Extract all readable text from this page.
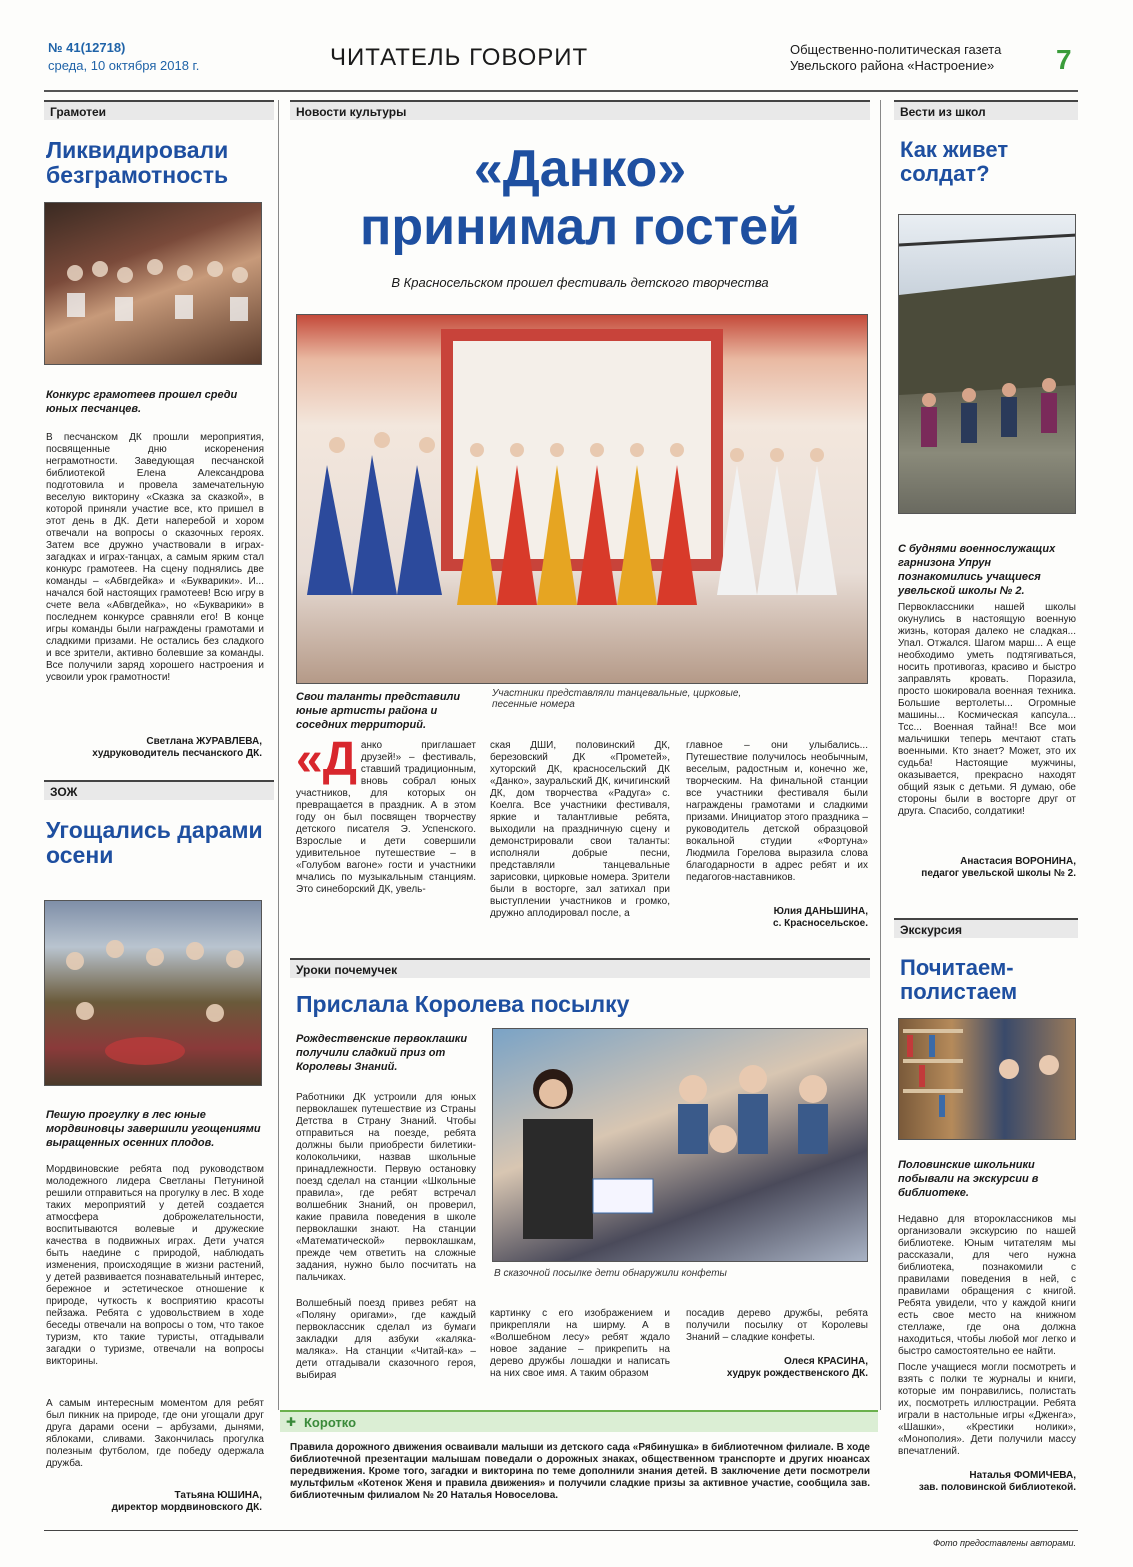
№ 41(12718)
среда, 10 октября 2018 г.	ЧИТАТЕЛЬ ГОВОРИТ	Общественно-политическая газета
Увельского района «Настроение»	7
Грамотеи
Ликвидировали безграмотность
Конкурс грамотеев прошел среди юных песчанцев.
В песчанском ДК прошли мероприятия, посвященные дню искоренения неграмотности. Заведующая песчанской библиотекой Елена Александрова подготовила и провела замечательную веселую викторину «Сказка за сказкой», в которой приняли участие все, кто пришел в этот день в ДК. Дети наперебой и хором отвечали на вопросы о сказочных героях. Затем все дружно участвовали в играх-загадках и играх-танцах, а самым ярким стал конкурс грамотеев. На сцену поднялись две команды – «Абвгдейка» и «Букварики». И... начался бой настоящих грамотеев! Всю игру в счете вела «Абвгдейка», но «Букварики» в последнем конкурсе сравняли его! В конце игры команды были награждены грамотами и сладкими призами. Не остались без сладкого и все зрители, активно болевшие за команды. Все получили заряд хорошего настроения и усвоили урок грамотности!
Светлана ЖУРАВЛЕВА,
худруководитель песчанского ДК.
ЗОЖ
Угощались дарами осени
Пешую прогулку в лес юные мордвиновцы завершили угощениями выращенных осенних плодов.
Мордвиновские ребята под руководством молодежного лидера Светланы Петуниной решили отправиться на прогулку в лес. В ходе таких мероприятий у детей создается атмосфера доброжелательности, воспитываются волевые и дружеские качества в подвижных играх. Дети учатся быть наедине с природой, наблюдать изменения, происходящие в жизни растений, у детей развивается познавательный интерес, бережное и эстетическое отношение к природе, чуткость к восприятию красоты пейзажа. Ребята с удовольствием в ходе беседы отвечали на вопросы о том, что такое туризм, кто такие туристы, отгадывали загадки о туризме, отвечали на вопросы викторины.
А самым интересным моментом для ребят был пикник на природе, где они угощали друг друга дарами осени – арбузами, дынями, яблоками, сливами. Закончилась прогулка полезным футболом, где победу одержала дружба.
Татьяна ЮШИНА,
директор мордвиновского ДК.
Новости культуры
«Данко»
принимал гостей
В Красносельском прошел фестиваль детского творчества
Свои таланты представили юные артисты района и соседних территорий.
Участники представляли танцевальные, цирковые, песенные номера
«Данко приглашает друзей!» – фестиваль, ставший традиционным, вновь собрал юных участников, для которых он превращается в праздник. А в этом году он был посвящен творчеству детского писателя Э. Успенского. Взрослые и дети совершили удивительное путешествие – в «Голубом вагоне» гости и участники мчались по музыкальным станциям. Это синеборский ДК, увель-
ская ДШИ, половинский ДК, березовский ДК «Прометей», хуторский ДК, красносельский ДК «Данко», зауральский ДК, кичигинский ДК, дом творчества «Радуга» с. Коелга. Все участники фестиваля, яркие и талантливые ребята, выходили на праздничную сцену и демонстрировали свои таланты: исполняли добрые песни, представляли танцевальные зарисовки, цирковые номера. Зрители были в восторге, зал затихал при выступлении участников и громко, дружно аплодировал после, а
главное – они улыбались... Путешествие получилось необычным, веселым, радостным и, конечно же, творческим. На финальной станции все участники фестиваля были награждены грамотами и сладкими призами. Инициатор этого праздника – руководитель детской образцовой вокальной студии «Фортуна» Людмила Горелова выразила слова благодарности в адрес ребят и их педагогов-наставников.
Юлия ДАНЬШИНА,
с. Красносельское.
Уроки почемучек
Прислала Королева посылку
Рождественские первоклашки получили сладкий приз от Королевы Знаний.
В сказочной посылке дети обнаружили конфеты
Работники ДК устроили для юных первоклашек путешествие из Страны Детства в Страну Знаний. Чтобы отправиться на поезде, ребята должны были приобрести билетики-колокольчики, назвав школьные принадлежности. Первую остановку поезд сделал на станции «Школьные правила», где ребят встречал волшебник Знаний, он проверил, какие правила поведения в школе первоклашки знают. На станции «Математической» первоклашкам, прежде чем ответить на сложные задания, нужно было посчитать на пальчиках.
Волшебный поезд привез ребят на «Поляну оригами», где каждый первоклассник сделал из бумаги закладки для азбуки «каляка-маляка». На станции «Читай-ка» – дети отгадывали сказочного героя, выбирая
картинку с его изображением и прикрепляли на ширму. А в «Волшебном лесу» ребят ждало новое задание – прикрепить на дерево дружбы лошадки и написать на них свое имя. А таким образом
посадив дерево дружбы, ребята получили посылку от Королевы Знаний – сладкие конфеты.
Олеся КРАСИНА,
худрук рождественского ДК.
✚ Коротко
Правила дорожного движения осваивали малыши из детского сада «Рябинушка» в библиотечном филиале. В ходе библиотечной презентации малышам поведали о дорожных знаках, общественном транспорте и других нюансах передвижения. Кроме того, загадки и викторина по теме дополнили знания детей. В заключение дети посмотрели мультфильм «Котенок Женя и правила движения» и получили сладкие призы за активное участие, сообщила зав. библиотечным филиалом № 20 Наталья Новоселова.
Вести из школ
Как живет солдат?
С буднями военнослужащих гарнизона Упрун познакомились учащиеся увельской школы № 2.
Первоклассники нашей школы окунулись в настоящую военную жизнь, которая далеко не сладкая... Упал. Отжался. Шагом марш... А еще необходимо уметь подтягиваться, носить противогаз, красиво и быстро заправлять кровать. Поразила, просто шокировала военная техника. Большие вертолеты... Огромные машины... Космическая капсула... Тсс... Военная тайна!! Все мои мальчишки теперь мечтают стать военными. Кто знает? Может, это их судьба! Настоящие мужчины, оказывается, прекрасно находят общий язык с детьми. Я думаю, обе стороны были в восторге друг от друга. Спасибо, солдатики!
Анастасия ВОРОНИНА,
педагог увельской школы № 2.
Экскурсия
Почитаем-полистаем
Половинские школьники побывали на экскурсии в библиотеке.
Недавно для второклассников мы организовали экскурсию по нашей библиотеке. Юным читателям мы рассказали, для чего нужна библиотека, познакомили с правилами поведения в ней, с правилами обращения с книгой. Ребята увидели, что у каждой книги есть свое место на книжном стеллаже, где она должна находиться, чтобы любой мог легко и быстро самостоятельно ее найти.
После учащиеся могли посмотреть и взять с полки те журналы и книги, которые им понравились, полистать их, посмотреть иллюстрации. Ребята играли в настольные игры «Дженга», «Шашки», «Крестики нолики», «Монополия». Дети получили массу впечатлений.
Наталья ФОМИЧЕВА,
зав. половинской библиотекой.
Фото предоставлены авторами.
